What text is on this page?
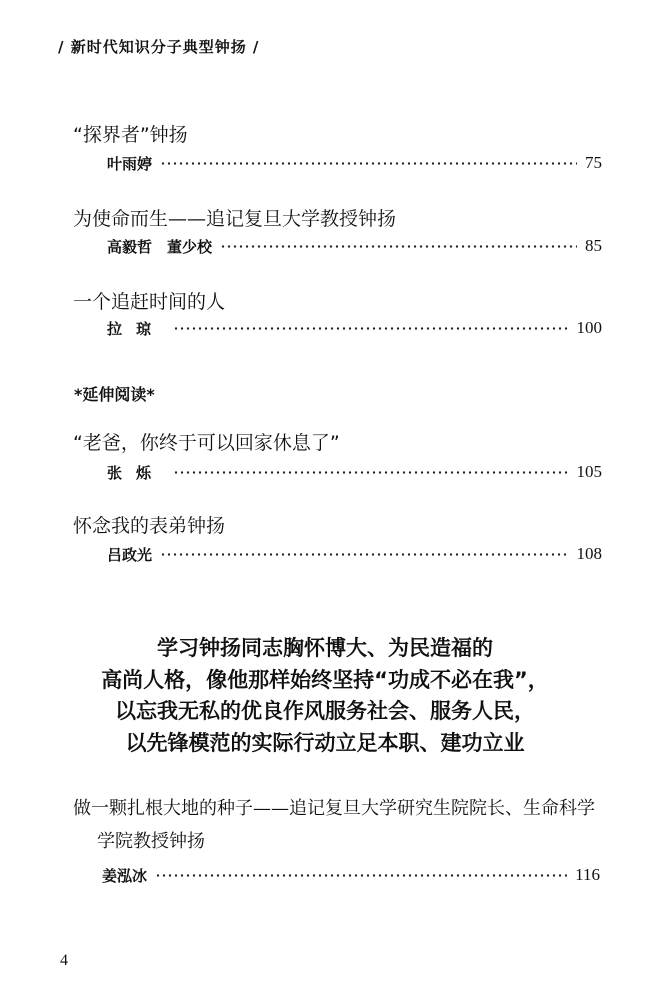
/ 新时代知识分子典型钟扬 /
“探界者”钟扬
叶雨婷	75
为使命而生——追记复旦大学教授钟扬
高毅哲　董少校	85
一个追赶时间的人
拉琼	100
*延伸阅读*
“老爸，你终于可以回家休息了”
张烁	105
怀念我的表弟钟扬
吕政光	108
学习钟扬同志胸怀博大、为民造福的
高尚人格，像他那样始终坚持“功成不必在我”，
以忘我无私的优良作风服务社会、服务人民，
以先锋模范的实际行动立足本职、建功立业
做一颗扎根大地的种子——追记复旦大学研究生院院长、生命科学
学院教授钟扬
姜泓冰	116
4
